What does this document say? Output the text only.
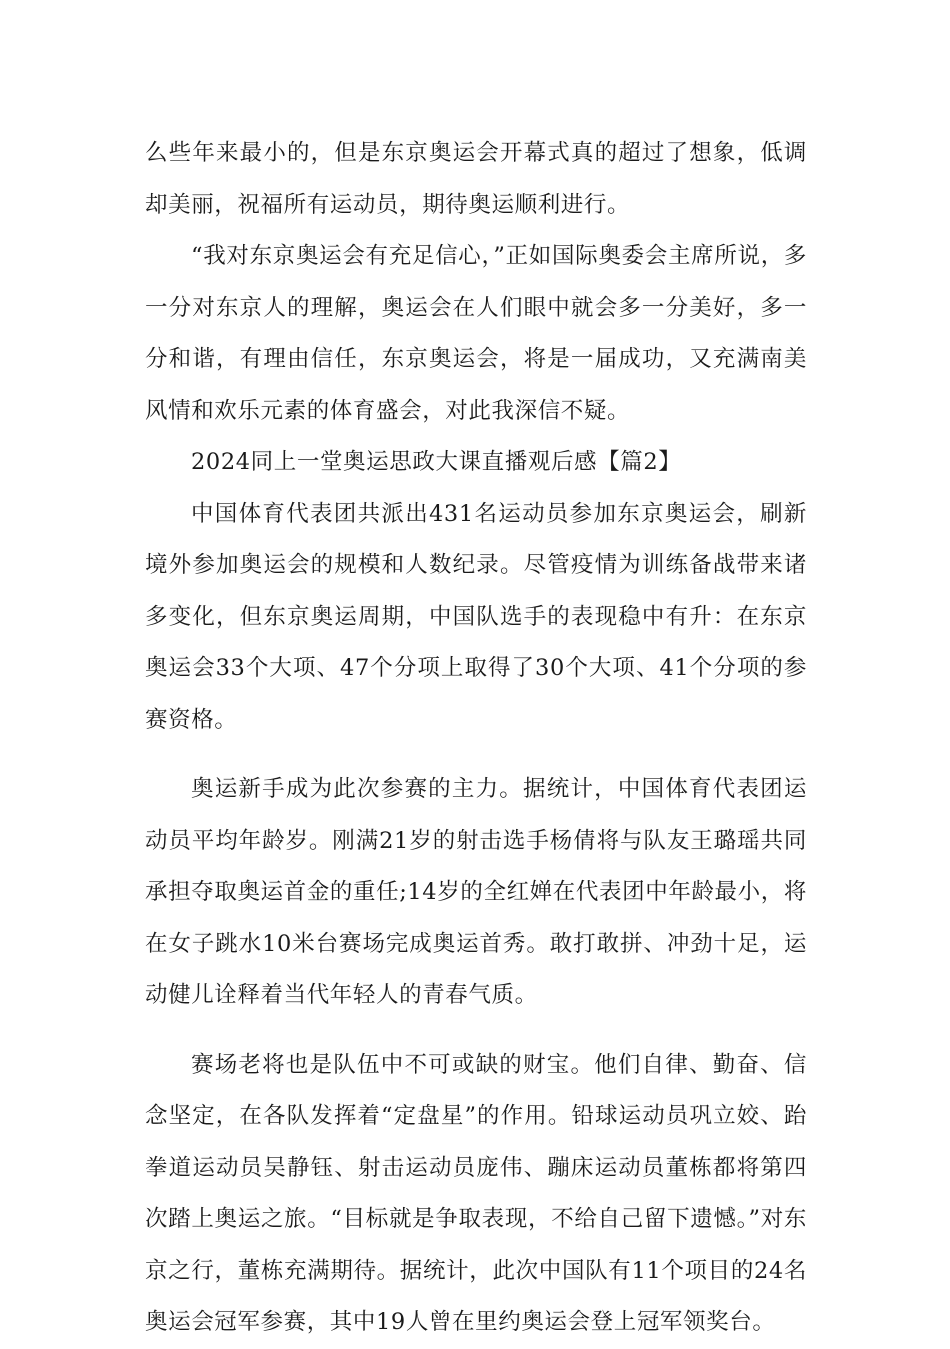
么些年来最小的，但是东京奥运会开幕式真的超过了想象，低调却美丽，祝福所有运动员，期待奥运顺利进行。

“我对东京奥运会有充足信心，”正如国际奥委会主席所说，多一分对东京人的理解，奥运会在人们眼中就会多一分美好，多一分和谐，有理由信任，东京奥运会，将是一届成功，又充满南美风情和欢乐元素的体育盛会，对此我深信不疑。

2024同上一堂奥运思政大课直播观后感【篇2】

中国体育代表团共派出431名运动员参加东京奥运会，刷新境外参加奥运会的规模和人数纪录。尽管疫情为训练备战带来诸多变化，但东京奥运周期，中国队选手的表现稳中有升：在东京奥运会33个大项、47个分项上取得了30个大项、41个分项的参赛资格。

奥运新手成为此次参赛的主力。据统计，中国体育代表团运动员平均年龄岁。刚满21岁的射击选手杨倩将与队友王璐瑶共同承担夺取奥运首金的重任;14岁的全红婵在代表团中年龄最小，将在女子跳水10米台赛场完成奥运首秀。敢打敢拼、冲劲十足，运动健儿诠释着当代年轻人的青春气质。

赛场老将也是队伍中不可或缺的财宝。他们自律、勤奋、信念坚定，在各队发挥着“定盘星”的作用。铅球运动员巩立姣、跆拳道运动员吴静钰、射击运动员庞伟、蹦床运动员董栋都将第四次踏上奥运之旅。“目标就是争取表现，不给自己留下遗憾。”对东京之行，董栋充满期待。据统计，此次中国队有11个项目的24名奥运会冠军参赛，其中19人曾在里约奥运会登上冠军领奖台。
